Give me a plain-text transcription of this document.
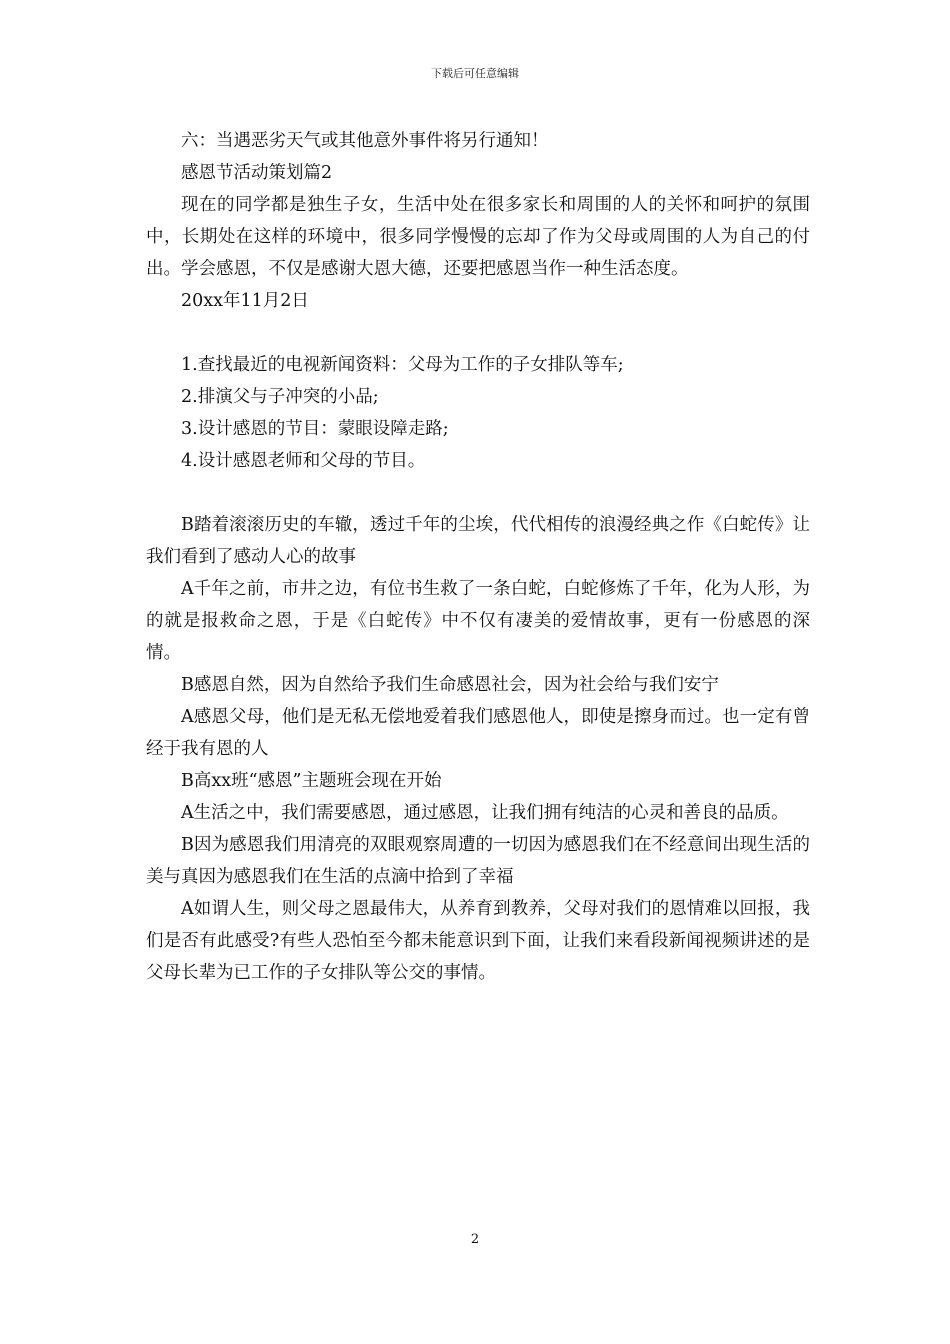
下载后可任意编辑

六：当遇恶劣天气或其他意外事件将另行通知！

感恩节活动策划篇2

现在的同学都是独生子女，生活中处在很多家长和周围的人的关怀和呵护的氛围中，长期处在这样的环境中，很多同学慢慢的忘却了作为父母或周围的人为自己的付出。学会感恩，不仅是感谢大恩大德，还要把感恩当作一种生活态度。

20xx年11月2日

1.查找最近的电视新闻资料：父母为工作的子女排队等车;

2.排演父与子冲突的小品;

3.设计感恩的节目：蒙眼设障走路;

4.设计感恩老师和父母的节目。

B踏着滚滚历史的车辙，透过千年的尘埃，代代相传的浪漫经典之作《白蛇传》让我们看到了感动人心的故事

A千年之前，市井之边，有位书生救了一条白蛇，白蛇修炼了千年，化为人形，为的就是报救命之恩，于是《白蛇传》中不仅有凄美的爱情故事，更有一份感恩的深情。

B感恩自然，因为自然给予我们生命感恩社会，因为社会给与我们安宁

A感恩父母，他们是无私无偿地爱着我们感恩他人，即使是擦身而过。也一定有曾经于我有恩的人

B高xx班“感恩”主题班会现在开始

A生活之中，我们需要感恩，通过感恩，让我们拥有纯洁的心灵和善良的品质。

B因为感恩我们用清亮的双眼观察周遭的一切因为感恩我们在不经意间出现生活的美与真因为感恩我们在生活的点滴中拾到了幸福

A如谓人生，则父母之恩最伟大，从养育到教养，父母对我们的恩情难以回报，我们是否有此感受?有些人恐怕至今都未能意识到下面，让我们来看段新闻视频讲述的是父母长辈为已工作的子女排队等公交的事情。

2
